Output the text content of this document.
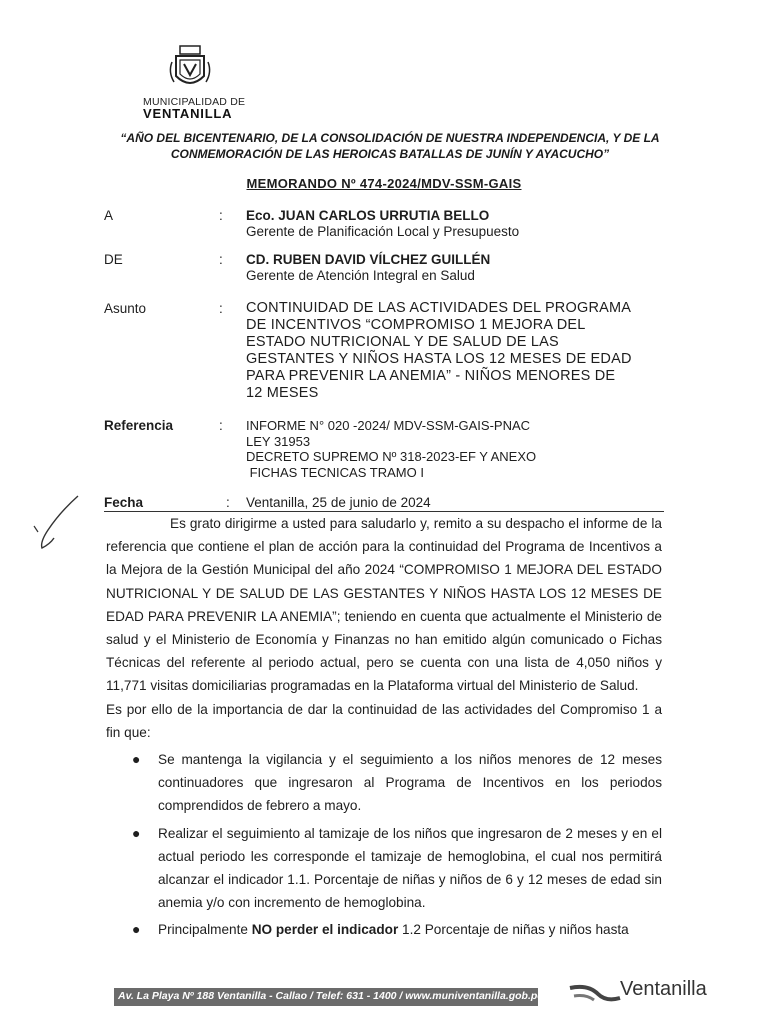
MUNICIPALIDAD DE
VENTANILLA
“AÑO DEL BICENTENARIO, DE LA CONSOLIDACIÓN DE NUESTRA INDEPENDENCIA, Y DE LA
CONMEMORACIÓN DE LAS HEROICAS BATALLAS DE JUNÍN Y AYACUCHO”
MEMORANDO Nº 474-2024/MDV-SSM-GAIS
A	: Eco. JUAN CARLOS URRUTIA BELLO
Gerente de Planificación Local y Presupuesto
DE	: CD. RUBEN DAVID VÍLCHEZ GUILLÉN
Gerente de Atención Integral en Salud
Asunto	: CONTINUIDAD DE LAS ACTIVIDADES DEL PROGRAMA
DE INCENTIVOS “COMPROMISO 1 MEJORA DEL
ESTADO NUTRICIONAL Y DE SALUD DE LAS
GESTANTES Y NIÑOS HASTA LOS 12 MESES DE EDAD
PARA PREVENIR LA ANEMIA” - NIÑOS MENORES DE
12 MESES
Referencia	: INFORME N° 020 -2024/ MDV-SSM-GAIS-PNAC
LEY 31953
DECRETO SUPREMO Nº 318-2023-EF Y ANEXO
FICHAS TECNICAS TRAMO I
Fecha	: Ventanilla, 25 de junio de 2024

Es grato dirigirme a usted para saludarlo y, remito a su despacho el informe de la referencia que contiene el plan de acción para la continuidad del Programa de Incentivos a la Mejora de la Gestión Municipal del año 2024 “COMPROMISO 1 MEJORA DEL ESTADO NUTRICIONAL Y DE SALUD DE LAS GESTANTES Y NIÑOS HASTA LOS 12 MESES DE EDAD PARA PREVENIR LA ANEMIA”; teniendo en cuenta que actualmente el Ministerio de salud y el Ministerio de Economía y Finanzas no han emitido algún comunicado o Fichas Técnicas del referente al periodo actual, pero se cuenta con una lista de 4,050 niños y 11,771 visitas domiciliarias programadas en la Plataforma virtual del Ministerio de Salud.

Es por ello de la importancia de dar la continuidad de las actividades del Compromiso 1 a fin que:

● Se mantenga la vigilancia y el seguimiento a los niños menores de 12 meses continuadores que ingresaron al Programa de Incentivos en los periodos comprendidos de febrero a mayo.
● Realizar el seguimiento al tamizaje de los niños que ingresaron de 2 meses y en el actual periodo les corresponde el tamizaje de hemoglobina, el cual nos permitirá alcanzar el indicador 1.1. Porcentaje de niñas y niños de 6 y 12 meses de edad sin anemia y/o con incremento de hemoglobina.
● Principalmente NO perder el indicador 1.2 Porcentaje de niñas y niños hasta
Av. La Playa Nº 188 Ventanilla - Callao / Telef: 631 - 1400 / www.muniventanilla.gob.pe	Ventanilla
